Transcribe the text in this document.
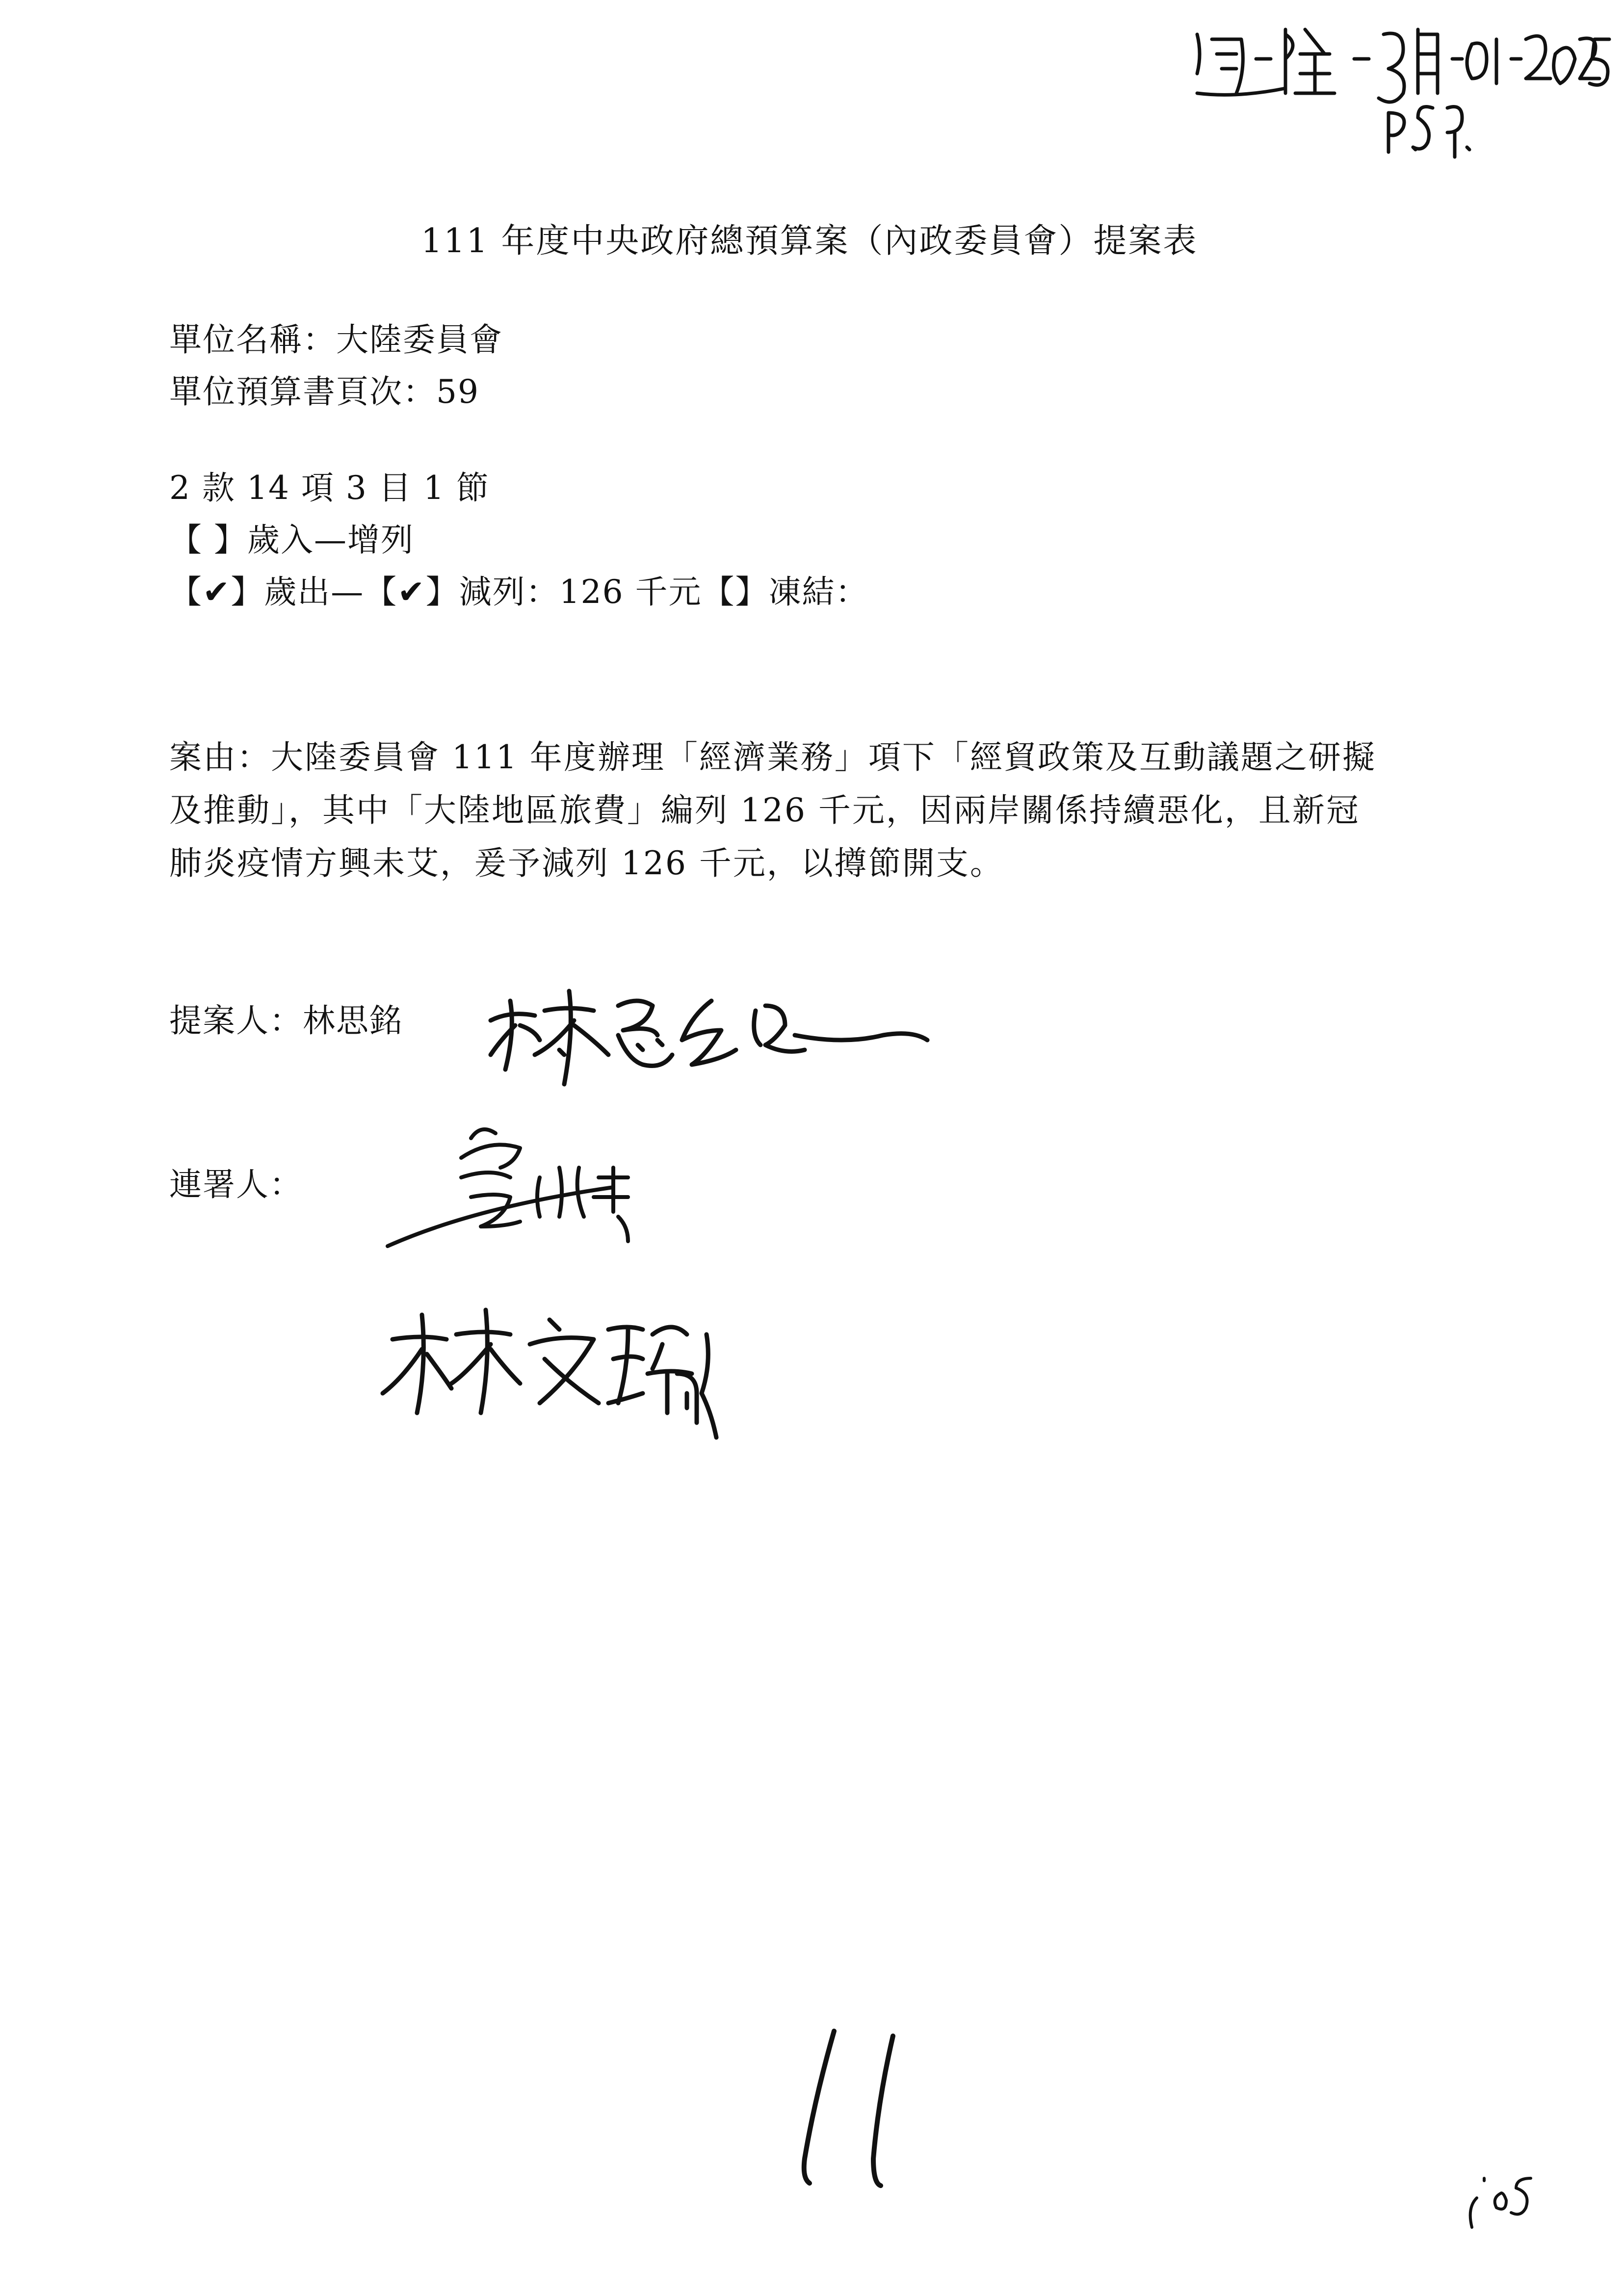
111 年度中央政府總預算案（內政委員會）提案表
單位名稱：大陸委員會
單位預算書頁次：59
2 款 14 項 3 目 1 節
【 】歲入—增列
【✔】歲出—【✔】減列：126 千元【】凍結：
案由：大陸委員會 111 年度辦理「經濟業務」項下「經貿政策及互動議題之研擬
及推動」，其中「大陸地區旅費」編列 126 千元，因兩岸關係持續惡化，且新冠
肺炎疫情方興未艾，爰予減列 126 千元，以撙節開支。
提案人：林思銘
連署人：
